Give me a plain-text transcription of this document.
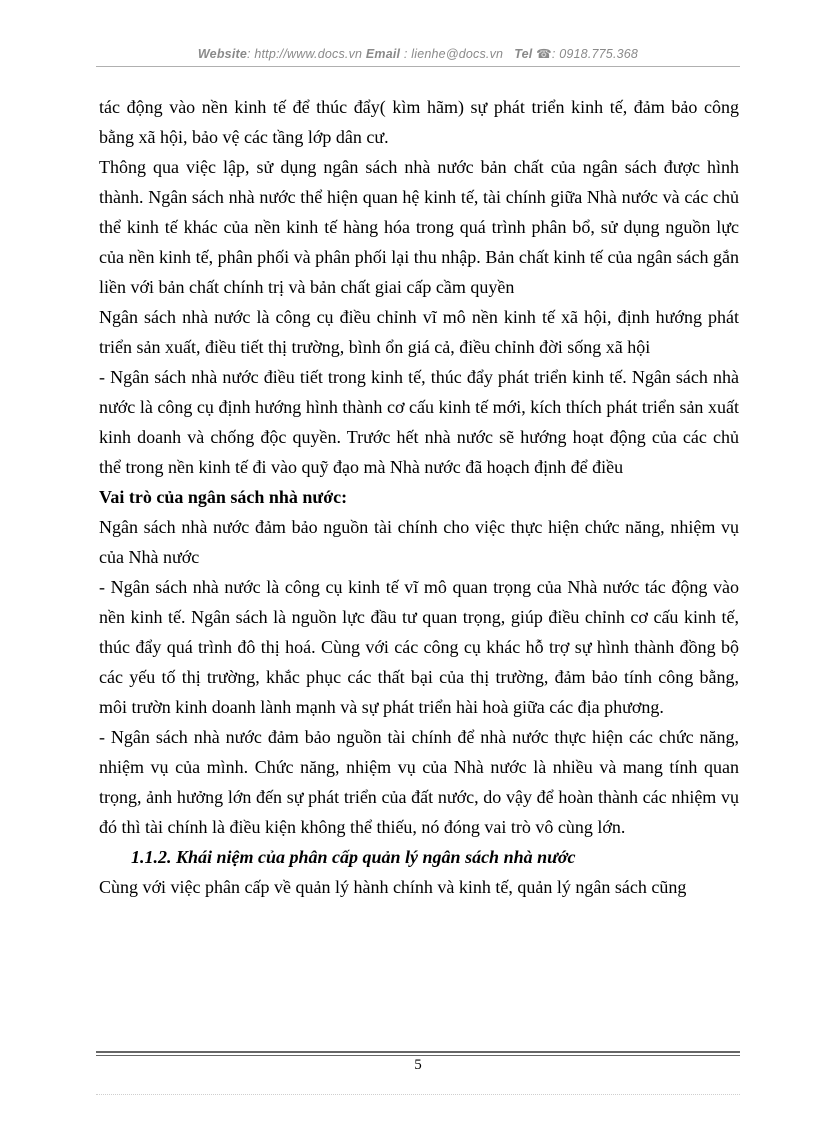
Website: http://www.docs.vn Email : lienhe@docs.vn Tel ☎: 0918.775.368

tác động vào nền kinh tế để thúc đẩy( kìm hãm) sự phát triển kinh tế, đảm bảo công bằng xã hội, bảo vệ các tầng lớp dân cư.

Thông qua việc lập, sử dụng ngân sách nhà nước bản chất của ngân sách được hình thành. Ngân sách nhà nước thể hiện quan hệ kinh tế, tài chính giữa Nhà nước và các chủ thể kinh tế khác của nền kinh tế hàng hóa trong quá trình phân bổ, sử dụng nguồn lực của nền kinh tế, phân phối và phân phối lại thu nhập. Bản chất kinh tế của ngân sách gắn liền với bản chất chính trị và bản chất giai cấp cầm quyền

Ngân sách nhà nước là công cụ điều chỉnh vĩ mô nền kinh tế xã hội, định hướng phát triển sản xuất, điều tiết thị trường, bình ổn giá cả, điều chỉnh đời sống xã hội

- Ngân sách nhà nước điều tiết trong kinh tế, thúc đẩy phát triển kinh tế. Ngân sách nhà nước là công cụ định hướng hình thành cơ cấu kinh tế mới, kích thích phát triển sản xuất kinh doanh và chống độc quyền. Trước hết nhà nước sẽ hướng hoạt động của các chủ thể trong nền kinh tế đi vào quỹ đạo mà Nhà nước đã hoạch định để điều

Vai trò của ngân sách nhà nước:

Ngân sách nhà nước đảm bảo nguồn tài chính cho việc thực hiện chức năng, nhiệm vụ của Nhà nước

- Ngân sách nhà nước là công cụ kinh tế vĩ mô quan trọng của Nhà nước tác động vào nền kinh tế. Ngân sách là nguồn lực đầu tư quan trọng, giúp điều chỉnh cơ cấu kinh tế, thúc đẩy quá trình đô thị hoá. Cùng với các công cụ khác hỗ trợ sự hình thành đồng bộ các yếu tố thị trường, khắc phục các thất bại của thị trường, đảm bảo tính công bằng, môi trườn kinh doanh lành mạnh và sự phát triển hài hoà giữa các địa phương.

- Ngân sách nhà nước đảm bảo nguồn tài chính để nhà nước thực hiện các chức năng, nhiệm vụ của mình. Chức năng, nhiệm vụ của Nhà nước là nhiều và mang tính quan trọng, ảnh hưởng lớn đến sự phát triển của đất nước, do vậy để hoàn thành các nhiệm vụ đó thì tài chính là điều kiện không thể thiếu, nó đóng vai trò vô cùng lớn.

1.1.2. Khái niệm của phân cấp quản lý ngân sách nhà nước

Cùng với việc phân cấp về quản lý hành chính và kinh tế, quản lý ngân sách cũng

5
